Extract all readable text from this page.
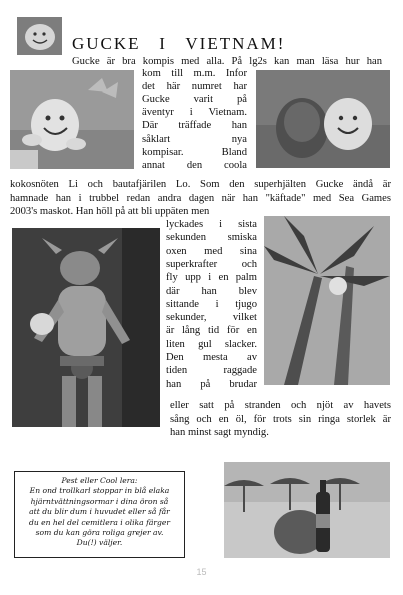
GUCKE   I   VIETNAM!

Gucke är bra kompis med alla. På lg2s kan man läsa hur han

kom till m.m. Infor

det här numret har

Gucke varit på

äventyr i Vietnam.

Där träffade han

såklart nya

kompisar. Bland

annat den coola

kokosnöten Li och bautafjärilen Lo. Som den superhjälten Gucke ändå är

hamnade han i trubbel redan andra dagen när han "käftade" med Sea Games

2003's maskot. Han höll på att bli uppäten men

lyckades i sista

sekunden smiska

oxen med sina

superkrafter och

fly upp i en palm

där han blev

sittande i tjugo

sekunder, vilket

är lång tid för en

liten gul slacker.

Den mesta av

tiden raggade

han på brudar

eller satt på stranden och njöt av havets

sång och en öl, för trots sin ringa storlek är

han minst sagt myndig.

Pest eller Cool lera:
En ond trollkarl stoppar in blå elaka
hjärntvättningsormar i dina öron så
att du blir dum i huvudet eller så får
du en hel del cemitlera i olika färger
som du kan göra roliga grejer av.
Du(!) väljer.
15
